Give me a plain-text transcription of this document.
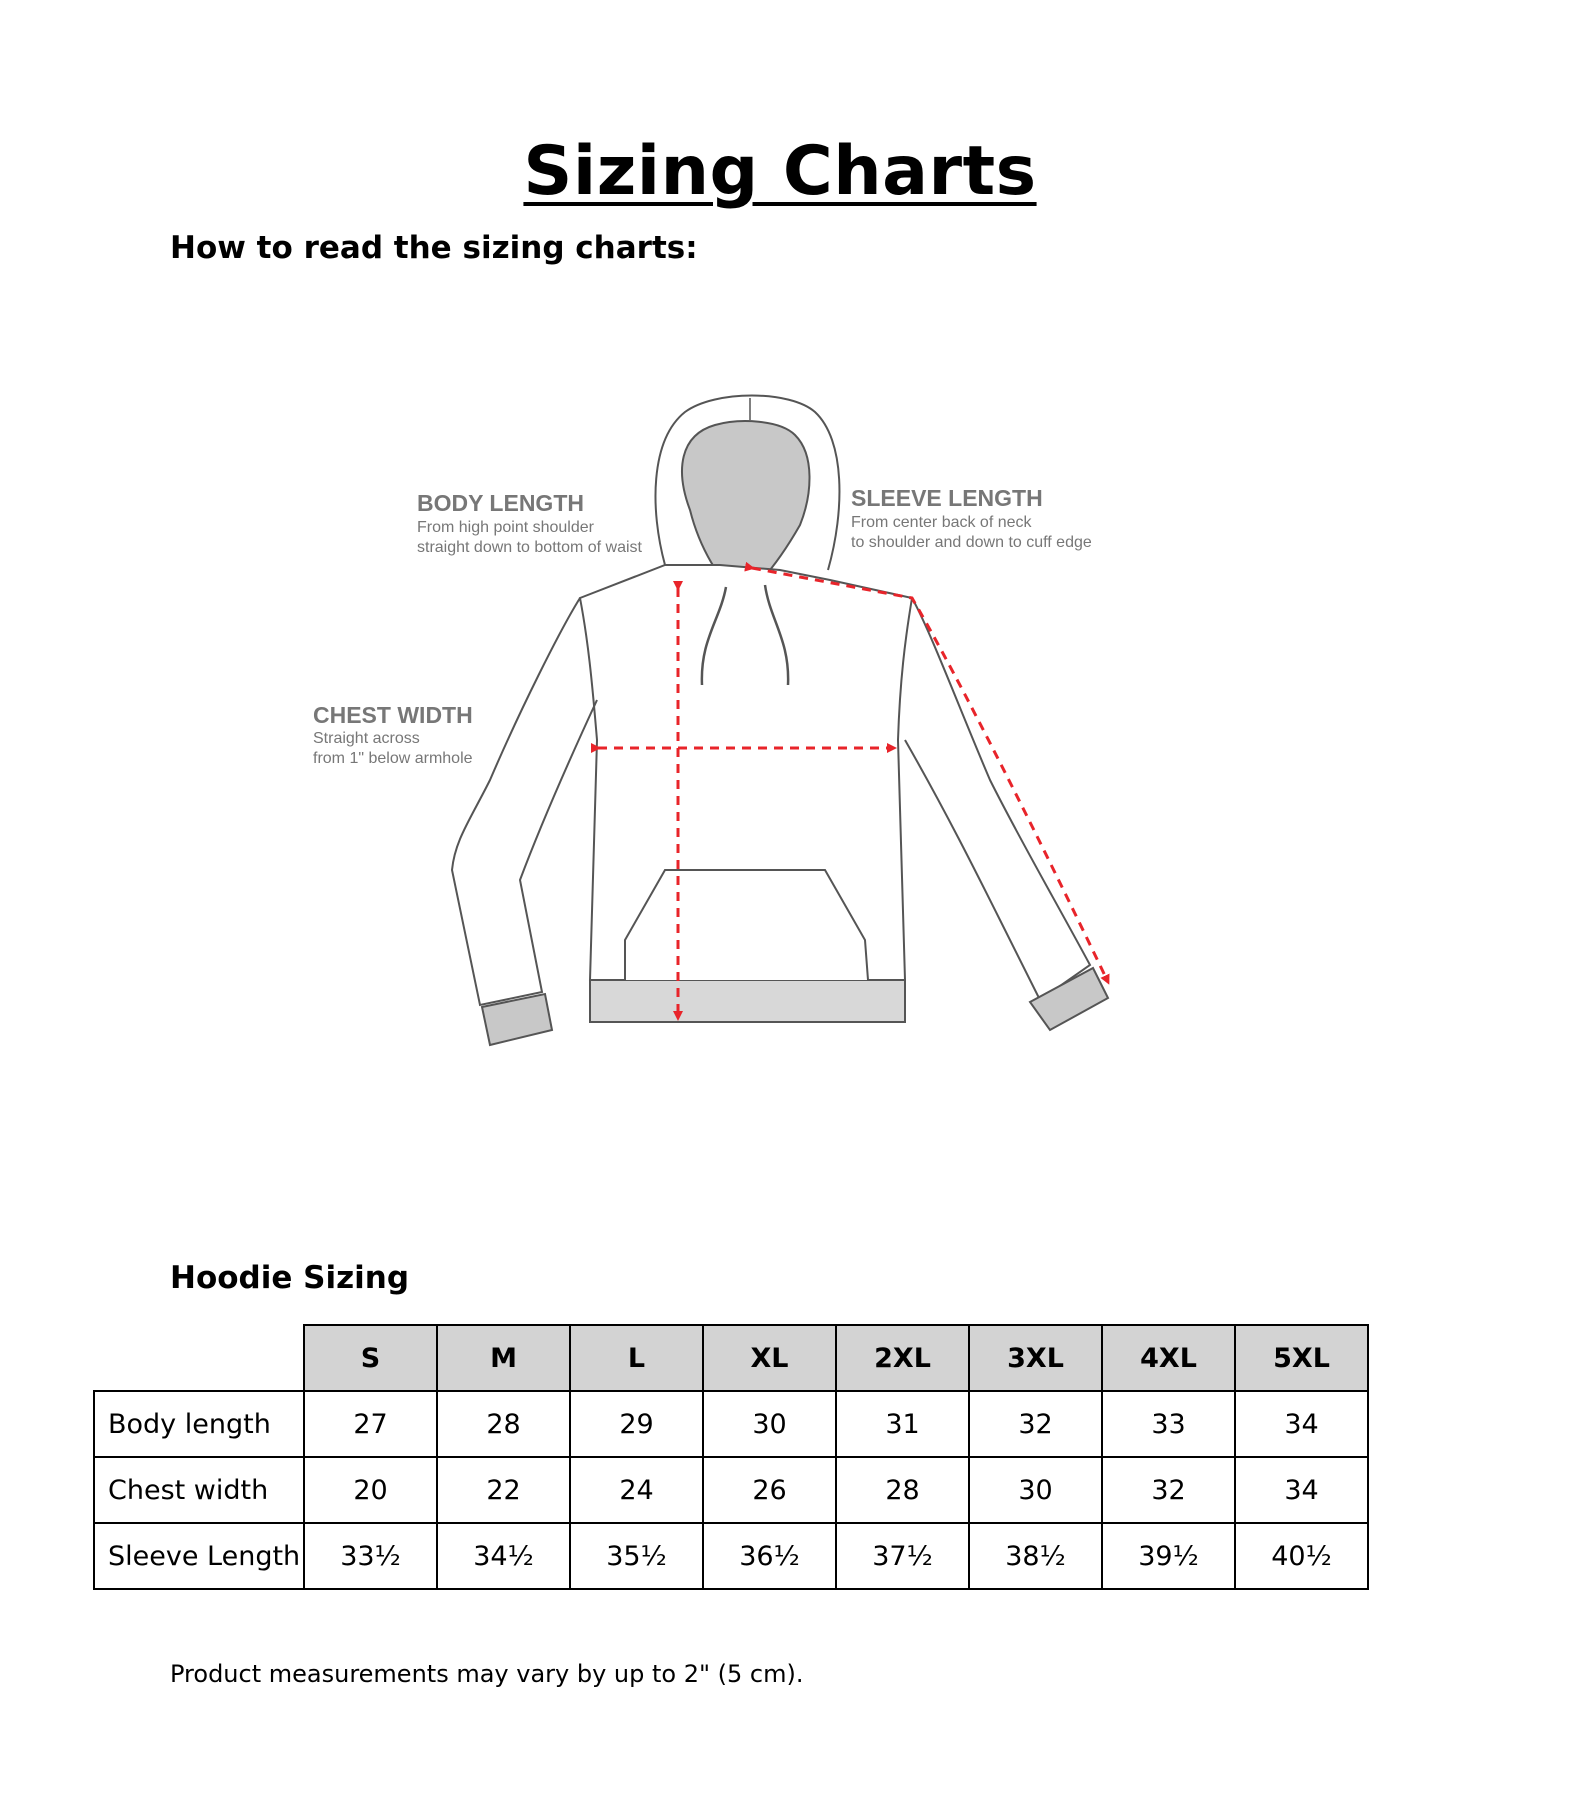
Sizing Charts
How to read the sizing charts:
BODY LENGTH
From high point shoulder
straight down to bottom of waist
SLEEVE LENGTH
From center back of neck
to shoulder and down to cuff edge
CHEST WIDTH
Straight across
from 1" below armhole
Hoodie Sizing
	S	M	L	XL	2XL	3XL	4XL	5XL
Body length	27	28	29	30	31	32	33	34
Chest width	20	22	24	26	28	30	32	34
Sleeve Length	33½	34½	35½	36½	37½	38½	39½	40½
Product measurements may vary by up to 2" (5 cm).
